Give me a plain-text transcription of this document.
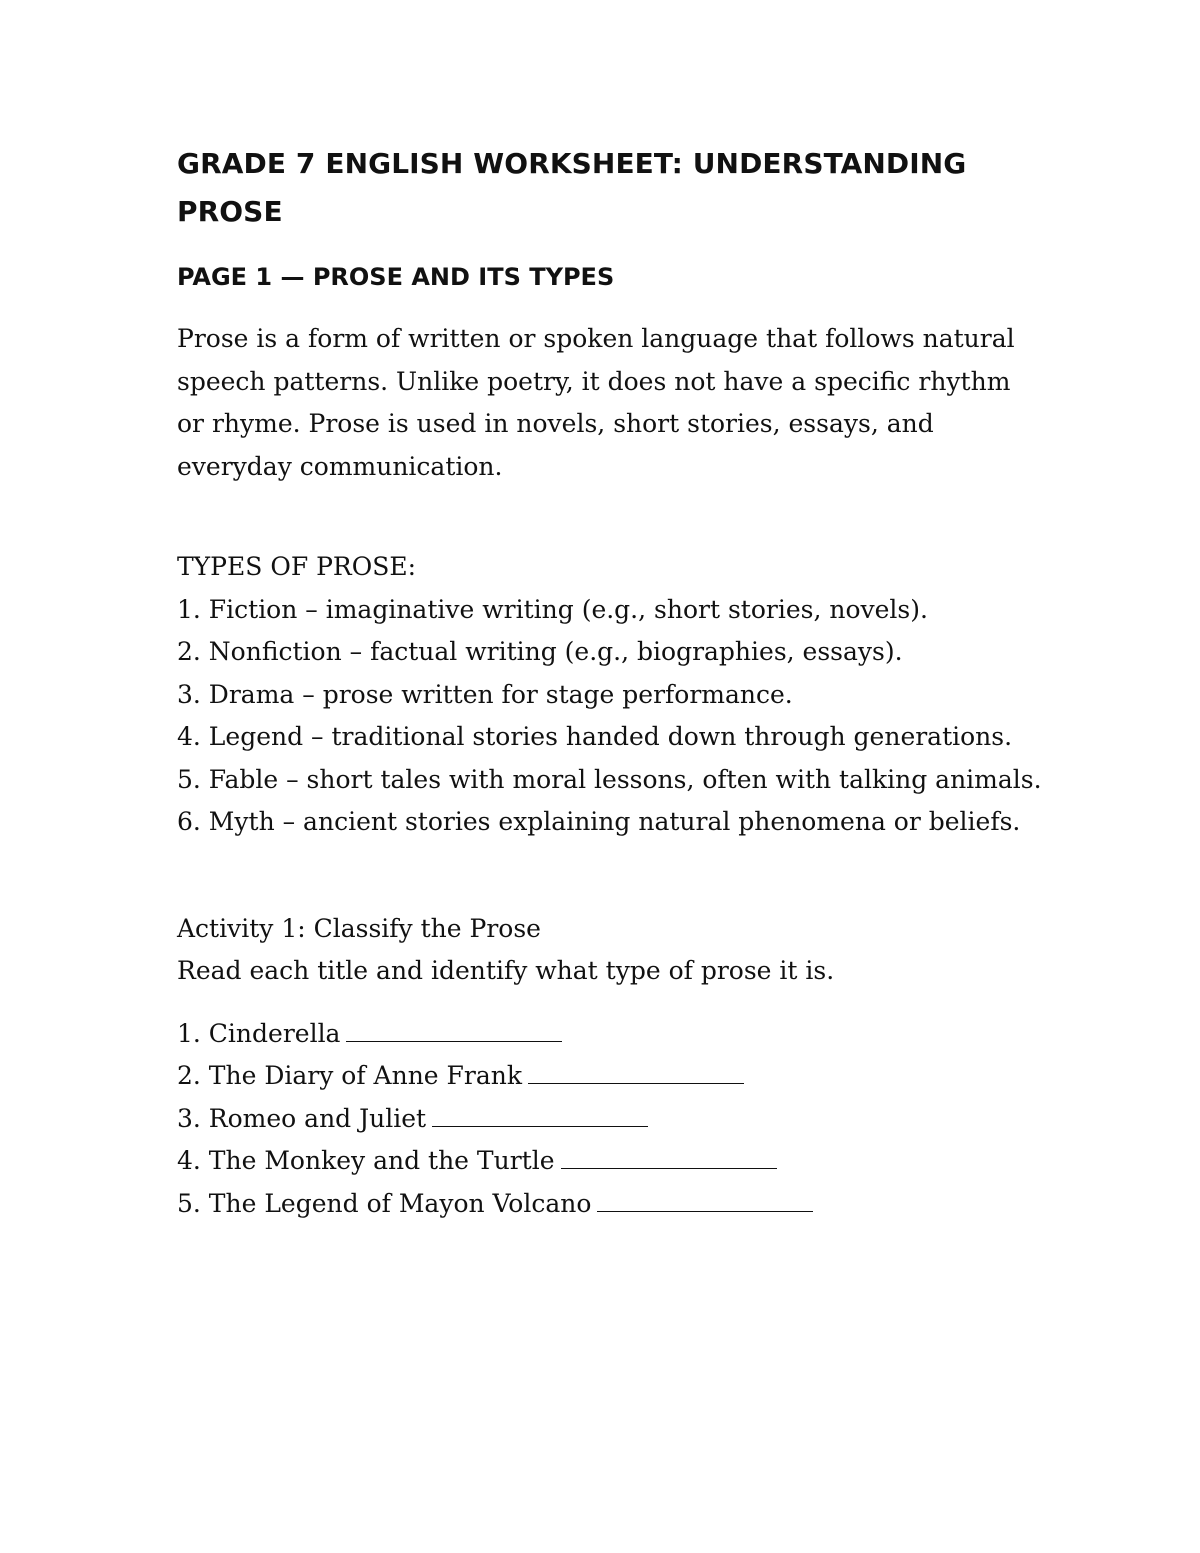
GRADE 7 ENGLISH WORKSHEET: UNDERSTANDING PROSE
PAGE 1 — PROSE AND ITS TYPES

Prose is a form of written or spoken language that follows natural speech patterns. Unlike poetry, it does not have a specific rhythm or rhyme. Prose is used in novels, short stories, essays, and everyday communication.

TYPES OF PROSE:

1. Fiction – imaginative writing (e.g., short stories, novels).
2. Nonfiction – factual writing (e.g., biographies, essays).
3. Drama – prose written for stage performance.
4. Legend – traditional stories handed down through generations.
5. Fable – short tales with moral lessons, often with talking animals.
6. Myth – ancient stories explaining natural phenomena or beliefs.

Activity 1: Classify the Prose

Read each title and identify what type of prose it is.

1. Cinderella
2. The Diary of Anne Frank
3. Romeo and Juliet
4. The Monkey and the Turtle
5. The Legend of Mayon Volcano
